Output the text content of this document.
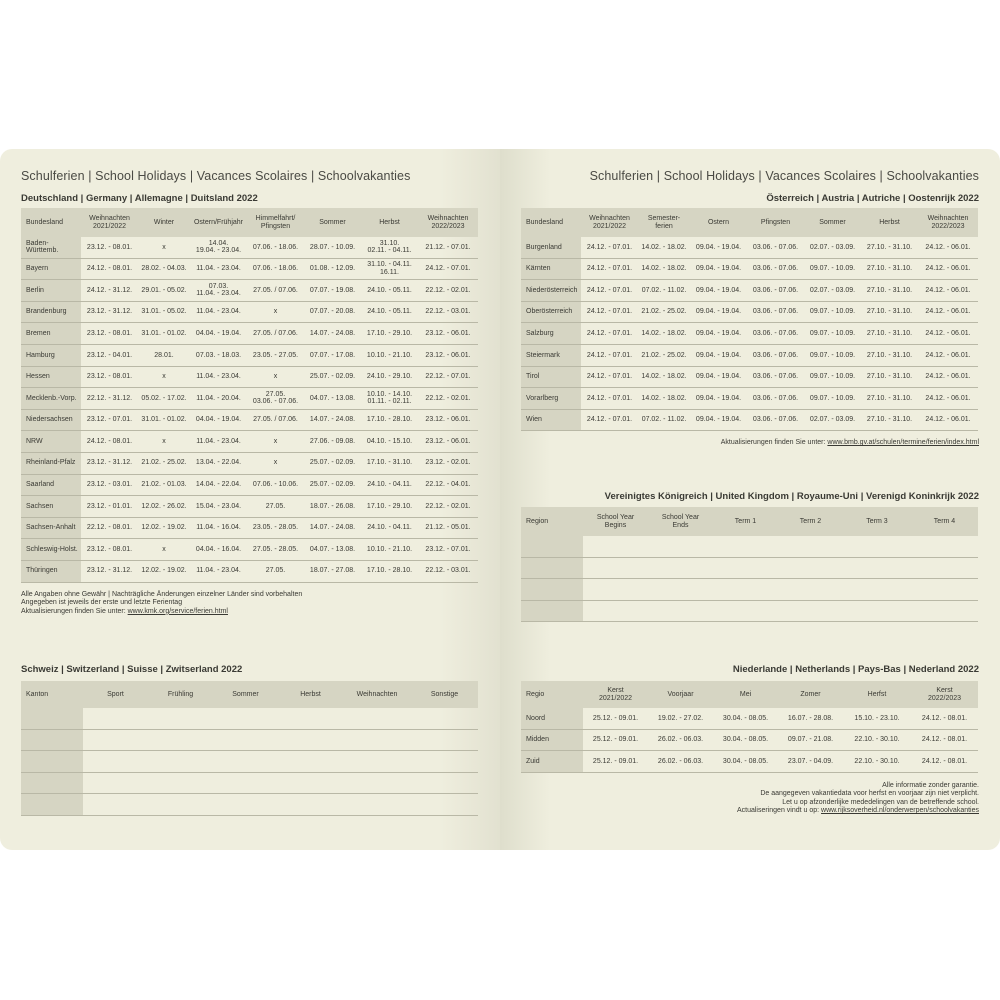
Schulferien | School Holidays | Vacances Scolaires | Schoolvakanties
Deutschland | Germany | Allemagne | Duitsland 2022
Bundesland	Weihnachten
2021/2022	Winter	Ostern/Frühjahr	Himmelfahrt/
Pfingsten	Sommer	Herbst	Weihnachten
2022/2023
Baden-Württemb.	23.12. - 08.01.	x	14.04.
19.04. - 23.04.	07.06. - 18.06.	28.07. - 10.09.	31.10.
02.11. - 04.11.	21.12. - 07.01.
Bayern	24.12. - 08.01.	28.02. - 04.03.	11.04. - 23.04.	07.06. - 18.06.	01.08. - 12.09.	31.10. - 04.11.
16.11.	24.12. - 07.01.
Berlin	24.12. - 31.12.	29.01. - 05.02.	07.03.
11.04. - 23.04.	27.05. / 07.06.	07.07. - 19.08.	24.10. - 05.11.	22.12. - 02.01.
Brandenburg	23.12. - 31.12.	31.01. - 05.02.	11.04. - 23.04.	x	07.07. - 20.08.	24.10. - 05.11.	22.12. - 03.01.
Bremen	23.12. - 08.01.	31.01. - 01.02.	04.04. - 19.04.	27.05. / 07.06.	14.07. - 24.08.	17.10. - 29.10.	23.12. - 06.01.
Hamburg	23.12. - 04.01.	28.01.	07.03. - 18.03.	23.05. - 27.05.	07.07. - 17.08.	10.10. - 21.10.	23.12. - 06.01.
Hessen	23.12. - 08.01.	x	11.04. - 23.04.	x	25.07. - 02.09.	24.10. - 29.10.	22.12. - 07.01.
Mecklenb.-Vorp.	22.12. - 31.12.	05.02. - 17.02.	11.04. - 20.04.	27.05.
03.06. - 07.06.	04.07. - 13.08.	10.10. - 14.10.
01.11. - 02.11.	22.12. - 02.01.
Niedersachsen	23.12. - 07.01.	31.01. - 01.02.	04.04. - 19.04.	27.05. / 07.06.	14.07. - 24.08.	17.10. - 28.10.	23.12. - 06.01.
NRW	24.12. - 08.01.	x	11.04. - 23.04.	x	27.06. - 09.08.	04.10. - 15.10.	23.12. - 06.01.
Rheinland-Pfalz	23.12. - 31.12.	21.02. - 25.02.	13.04. - 22.04.	x	25.07. - 02.09.	17.10. - 31.10.	23.12. - 02.01.
Saarland	23.12. - 03.01.	21.02. - 01.03.	14.04. - 22.04.	07.06. - 10.06.	25.07. - 02.09.	24.10. - 04.11.	22.12. - 04.01.
Sachsen	23.12. - 01.01.	12.02. - 26.02.	15.04. - 23.04.	27.05.	18.07. - 26.08.	17.10. - 29.10.	22.12. - 02.01.
Sachsen-Anhalt	22.12. - 08.01.	12.02. - 19.02.	11.04. - 16.04.	23.05. - 28.05.	14.07. - 24.08.	24.10. - 04.11.	21.12. - 05.01.
Schleswig-Holst.	23.12. - 08.01.	x	04.04. - 16.04.	27.05. - 28.05.	04.07. - 13.08.	10.10. - 21.10.	23.12. - 07.01.
Thüringen	23.12. - 31.12.	12.02. - 19.02.	11.04. - 23.04.	27.05.	18.07. - 27.08.	17.10. - 28.10.	22.12. - 03.01.
Alle Angaben ohne Gewähr | Nachträgliche Änderungen einzelner Länder sind vorbehalten
Angegeben ist jeweils der erste und letzte Ferientag
Aktualisierungen finden Sie unter: www.kmk.org/service/ferien.html
Schweiz | Switzerland | Suisse | Zwitserland 2022
Kanton	Sport	Frühling	Sommer	Herbst	Weihnachten	Sonstige

Schulferien | School Holidays | Vacances Scolaires | Schoolvakanties
Österreich | Austria | Autriche | Oostenrijk 2022
Bundesland	Weihnachten
2021/2022	Semester-
ferien	Ostern	Pfingsten	Sommer	Herbst	Weihnachten
2022/2023
Burgenland	24.12. - 07.01.	14.02. - 18.02.	09.04. - 19.04.	03.06. - 07.06.	02.07. - 03.09.	27.10. - 31.10.	24.12. - 06.01.
Kärnten	24.12. - 07.01.	14.02. - 18.02.	09.04. - 19.04.	03.06. - 07.06.	09.07. - 10.09.	27.10. - 31.10.	24.12. - 06.01.
Niederösterreich	24.12. - 07.01.	07.02. - 11.02.	09.04. - 19.04.	03.06. - 07.06.	02.07. - 03.09.	27.10. - 31.10.	24.12. - 06.01.
Oberösterreich	24.12. - 07.01.	21.02. - 25.02.	09.04. - 19.04.	03.06. - 07.06.	09.07. - 10.09.	27.10. - 31.10.	24.12. - 06.01.
Salzburg	24.12. - 07.01.	14.02. - 18.02.	09.04. - 19.04.	03.06. - 07.06.	09.07. - 10.09.	27.10. - 31.10.	24.12. - 06.01.
Steiermark	24.12. - 07.01.	21.02. - 25.02.	09.04. - 19.04.	03.06. - 07.06.	09.07. - 10.09.	27.10. - 31.10.	24.12. - 06.01.
Tirol	24.12. - 07.01.	14.02. - 18.02.	09.04. - 19.04.	03.06. - 07.06.	09.07. - 10.09.	27.10. - 31.10.	24.12. - 06.01.
Vorarlberg	24.12. - 07.01.	14.02. - 18.02.	09.04. - 19.04.	03.06. - 07.06.	09.07. - 10.09.	27.10. - 31.10.	24.12. - 06.01.
Wien	24.12. - 07.01.	07.02. - 11.02.	09.04. - 19.04.	03.06. - 07.06.	02.07. - 03.09.	27.10. - 31.10.	24.12. - 06.01.
Aktualisierungen finden Sie unter: www.bmb.gv.at/schulen/termine/ferien/index.html
Vereinigtes Königreich | United Kingdom | Royaume-Uni | Verenigd Koninkrijk 2022
Region	School Year
Begins	School Year
Ends	Term 1	Term 2	Term 3	Term 4

Niederlande | Netherlands | Pays-Bas | Nederland 2022
Regio	Kerst
2021/2022	Voorjaar	Mei	Zomer	Herfst	Kerst
2022/2023
Noord	25.12. - 09.01.	19.02. - 27.02.	30.04. - 08.05.	16.07. - 28.08.	15.10. - 23.10.	24.12. - 08.01.
Midden	25.12. - 09.01.	26.02. - 06.03.	30.04. - 08.05.	09.07. - 21.08.	22.10. - 30.10.	24.12. - 08.01.
Zuid	25.12. - 09.01.	26.02. - 06.03.	30.04. - 08.05.	23.07. - 04.09.	22.10. - 30.10.	24.12. - 08.01.
Alle informatie zonder garantie.
De aangegeven vakantiedata voor herfst en voorjaar zijn niet verplicht.
Let u op afzonderlijke mededelingen van de betreffende school.
Actualiseringen vindt u op: www.rijksoverheid.nl/onderwerpen/schoolvakanties
